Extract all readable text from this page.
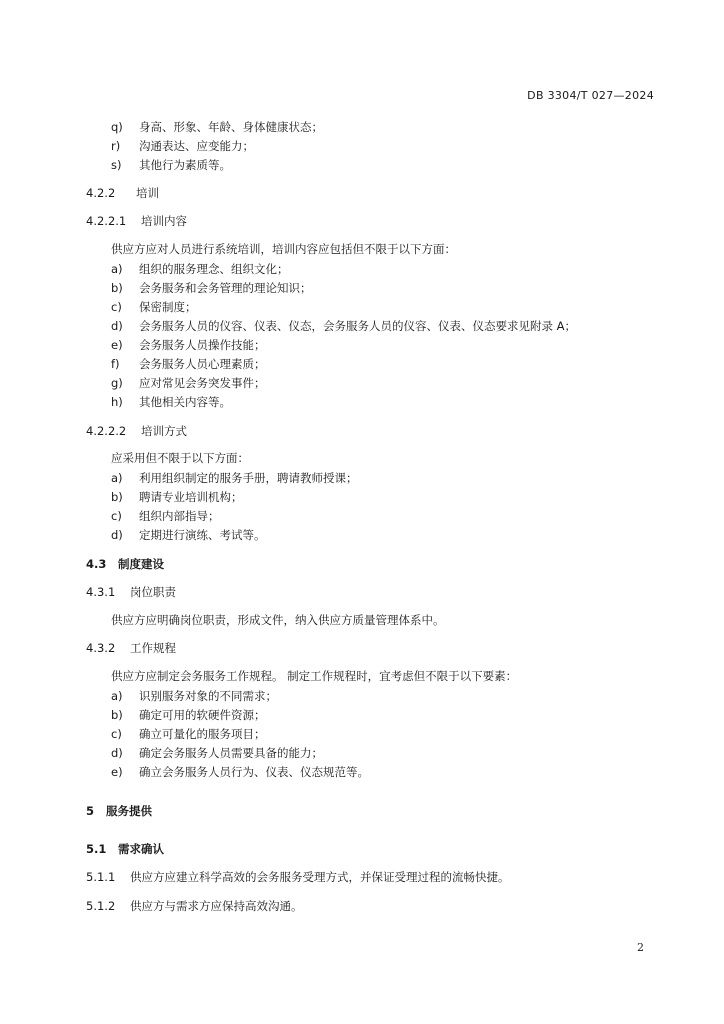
DB 3304/T 027—2024
q)	身高、形象、年龄、身体健康状态；
r)	沟通表达、应变能力；
s)	其他行为素质等。
4.2.2 培训
4.2.2.1 培训内容
供应方应对人员进行系统培训，培训内容应包括但不限于以下方面：
a)	组织的服务理念、组织文化；
b)	会务服务和会务管理的理论知识；
c)	保密制度；
d)	会务服务人员的仪容、仪表、仪态，会务服务人员的仪容、仪表、仪态要求见附录 A；
e)	会务服务人员操作技能；
f)	会务服务人员心理素质；
g)	应对常见会务突发事件；
h)	其他相关内容等。
4.2.2.2 培训方式
应采用但不限于以下方面：
a)	利用组织制定的服务手册，聘请教师授课；
b)	聘请专业培训机构；
c)	组织内部指导；
d)	定期进行演练、考试等。
4.3 制度建设
4.3.1 岗位职责
供应方应明确岗位职责，形成文件，纳入供应方质量管理体系中。
4.3.2 工作规程
供应方应制定会务服务工作规程。 制定工作规程时，宜考虑但不限于以下要素：
a)	识别服务对象的不同需求；
b)	确定可用的软硬件资源；
c)	确立可量化的服务项目；
d)	确定会务服务人员需要具备的能力；
e)	确立会务服务人员行为、仪表、仪态规范等。
5 服务提供
5.1 需求确认
5.1.1 供应方应建立科学高效的会务服务受理方式，并保证受理过程的流畅快捷。
5.1.2 供应方与需求方应保持高效沟通。
2
